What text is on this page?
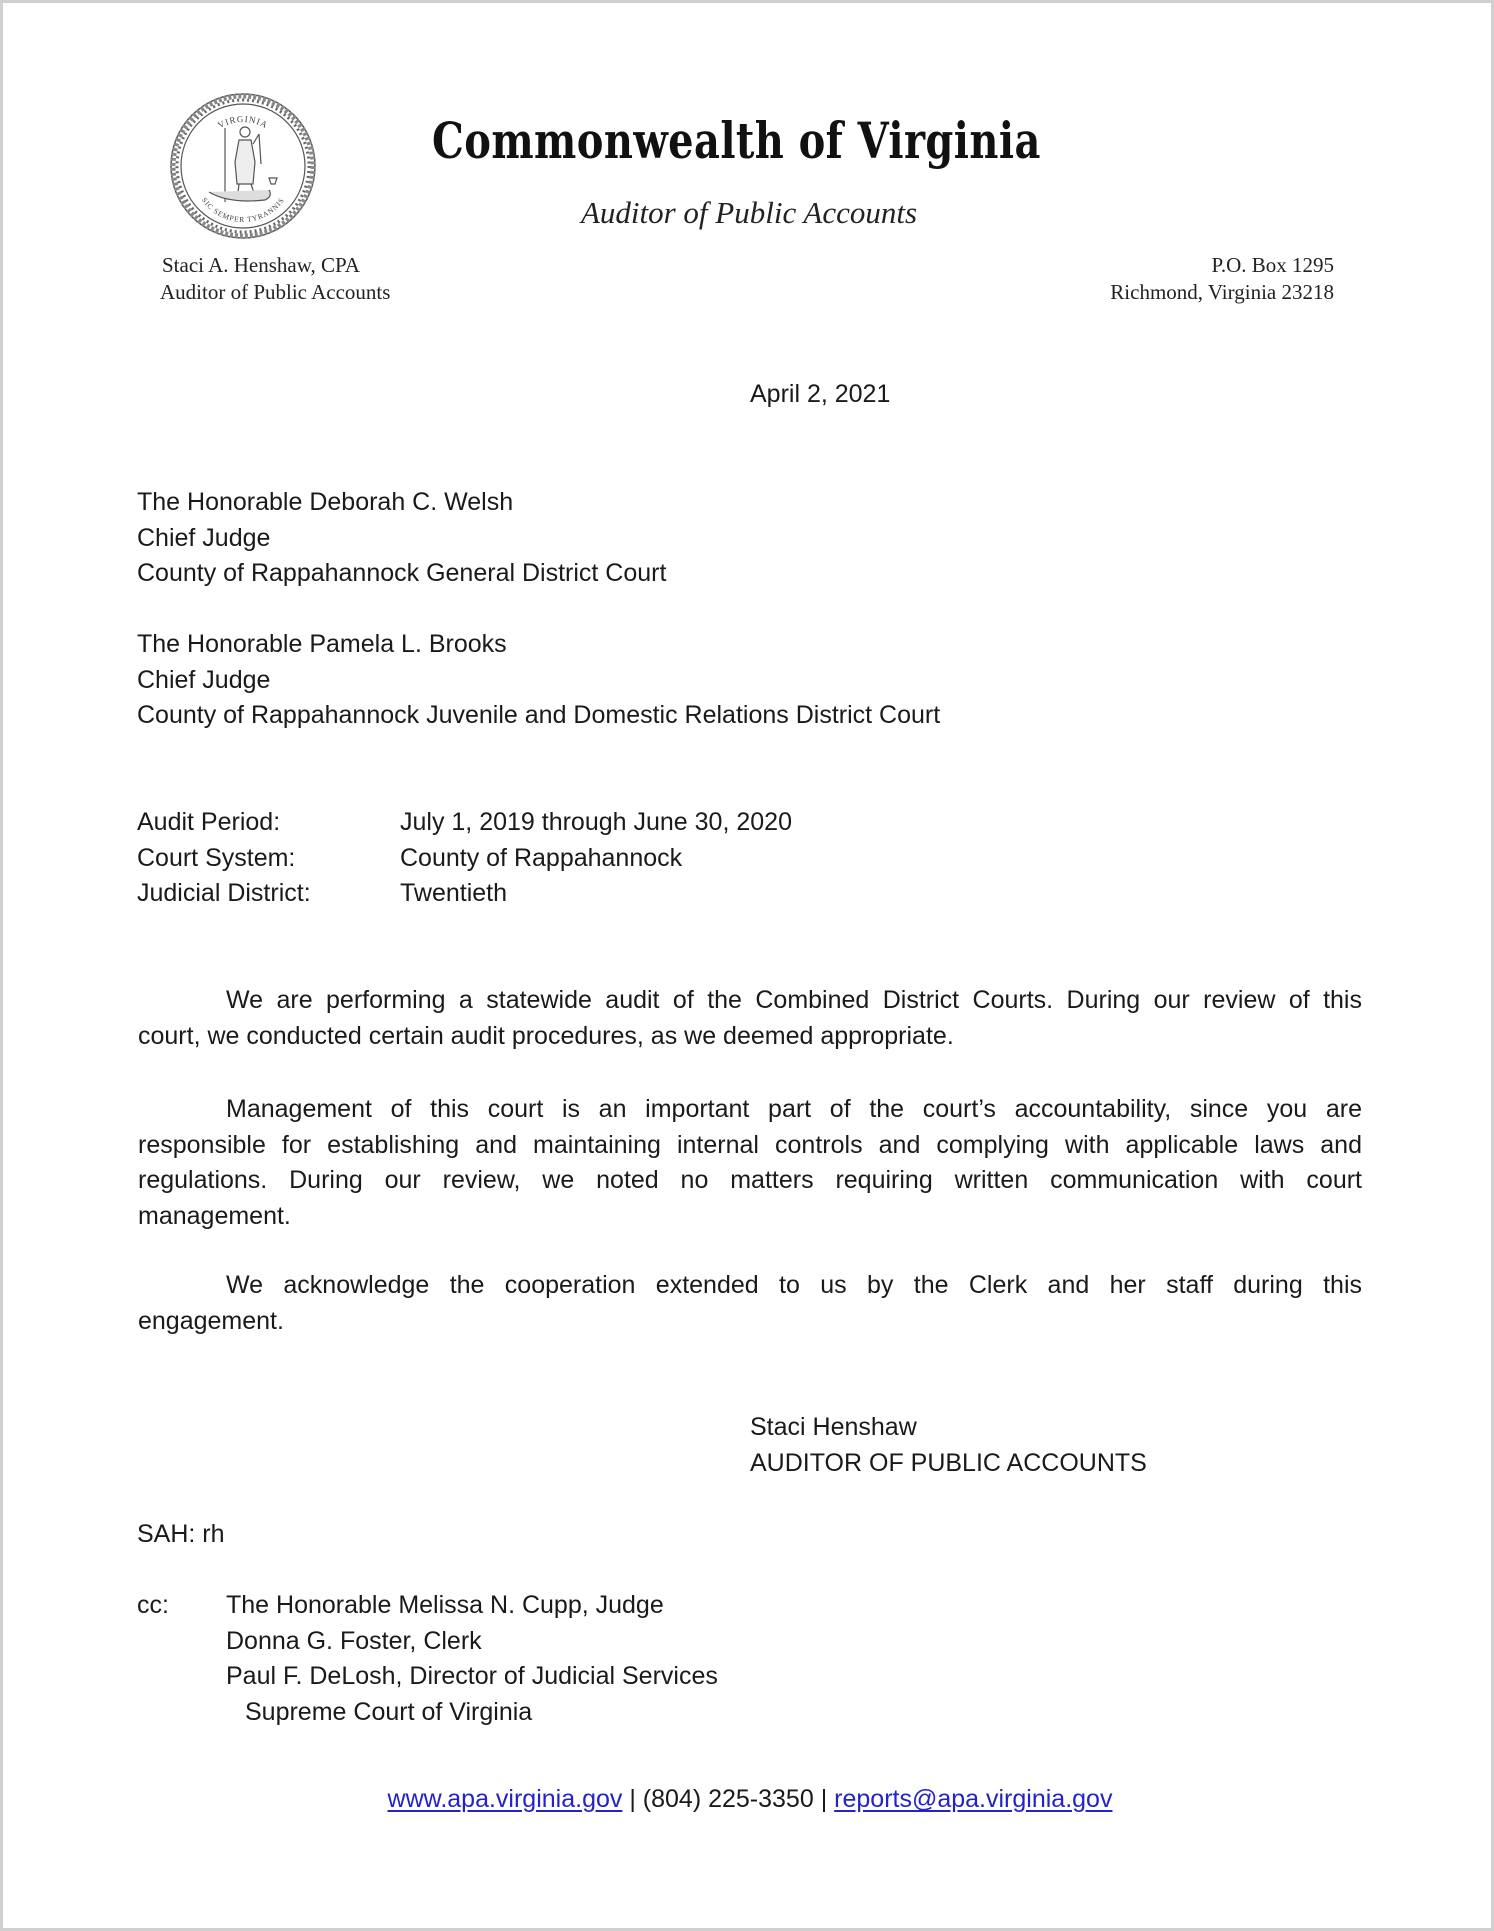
VIRGINIA
SIC SEMPER TYRANNIS
Commonwealth of Virginia
Auditor of Public Accounts
Staci A. Henshaw, CPA
Auditor of Public Accounts
P.O. Box 1295
Richmond, Virginia 23218
April 2, 2021
The Honorable Deborah C. Welsh
Chief Judge
County of Rappahannock General District Court
The Honorable Pamela L. Brooks
Chief Judge
County of Rappahannock Juvenile and Domestic Relations District Court
Audit Period:	July 1, 2019 through June 30, 2020
Court System:	County of Rappahannock
Judicial District:	Twentieth
We are performing a statewide audit of the Combined District Courts. During our review of this
court, we conducted certain audit procedures, as we deemed appropriate.
Management of this court is an important part of the court’s accountability, since you are
responsible for establishing and maintaining internal controls and complying with applicable laws and
regulations. During our review, we noted no matters requiring written communication with court
management.
We acknowledge the cooperation extended to us by the Clerk and her staff during this
engagement.
Staci Henshaw
AUDITOR OF PUBLIC ACCOUNTS
SAH: rh
cc: The Honorable Melissa N. Cupp, Judge
Donna G. Foster, Clerk
Paul F. DeLosh, Director of Judicial Services
Supreme Court of Virginia
www.apa.virginia.gov | (804) 225-3350 | reports@apa.virginia.gov
